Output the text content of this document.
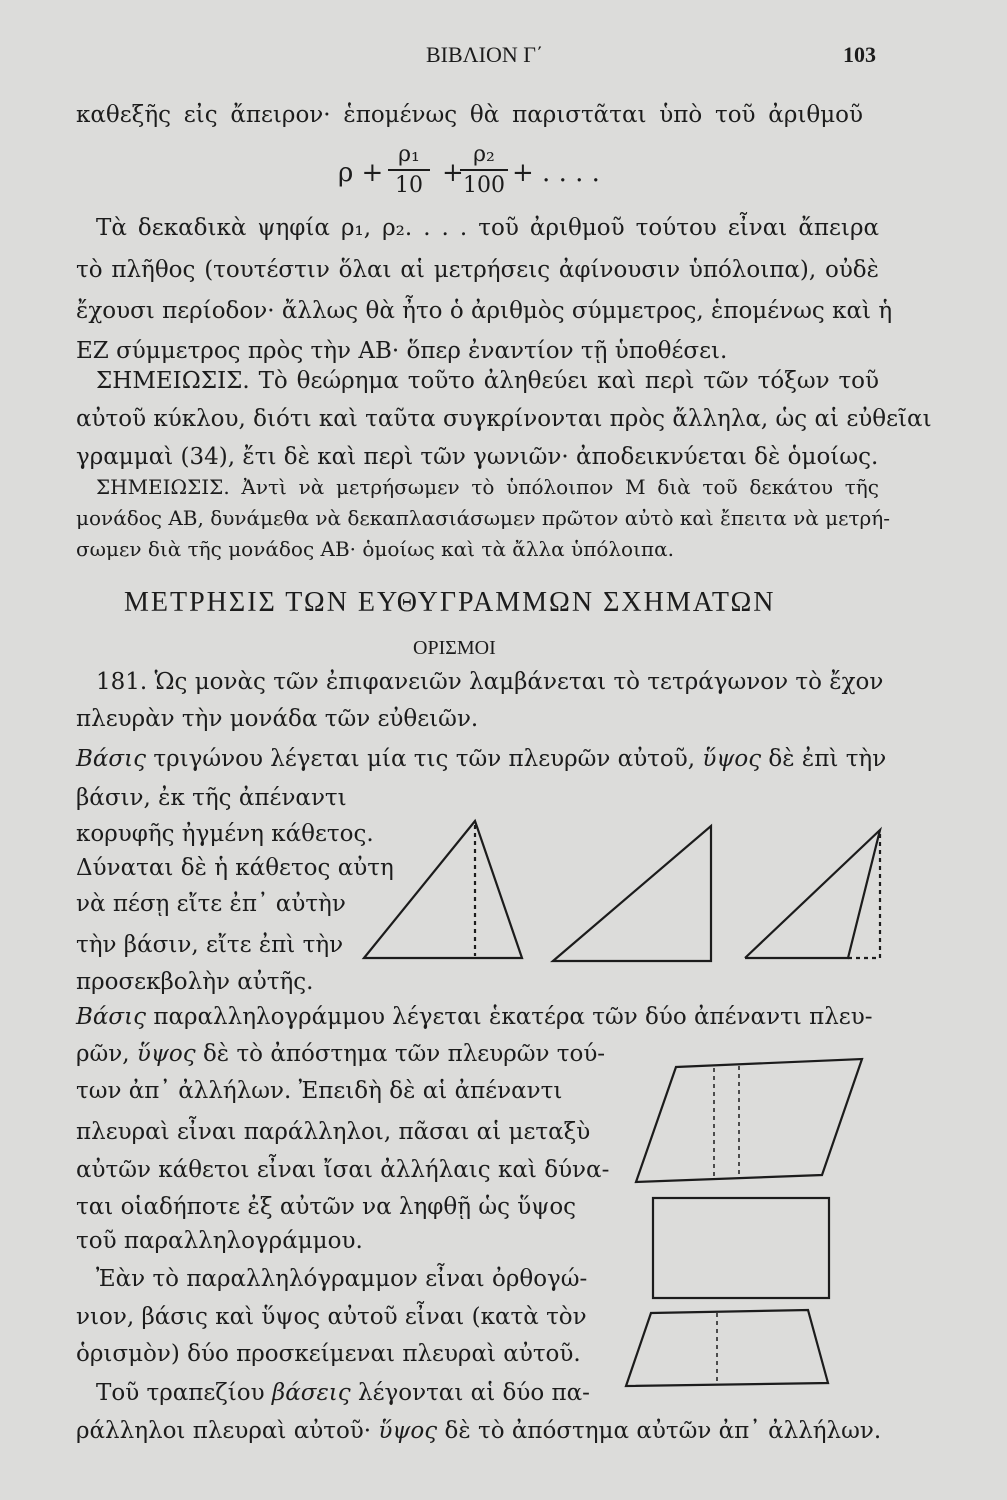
ΒΙΒΛΙΟΝ Γ΄	103
καθεξῆς εἰς ἄπειρον· ἑπομένως θὰ παριστᾶται ὑπὸ τοῦ ἀριθμοῦ
$\rho + \frac{\text{ρ₁}}{10}$ +
$\frac{\text{ρ₂}}{100}$ + . . . .
Τὰ δεκαδικὰ ψηφία ρ₁, ρ₂. . . . τοῦ ἀριθμοῦ τούτου εἶναι ἄπειρα
τὸ πλῆθος (τουτέστιν ὅλαι αἱ μετρήσεις ἀφίνουσιν ὑπόλοιπα), οὐδὲ
ἔχουσι περίοδον· ἄλλως θὰ ἦτο ὁ ἀριθμὸς σύμμετρος, ἑπομένως καὶ ἡ
ΕΖ σύμμετρος πρὸς τὴν ΑΒ· ὅπερ ἐναντίον τῇ ὑποθέσει.
ΣΗΜΕΙΩΣΙΣ. Τὸ θεώρημα τοῦτο ἀληθεύει καὶ περὶ τῶν τόξων τοῦ
αὐτοῦ κύκλου, διότι καὶ ταῦτα συγκρίνονται πρὸς ἄλληλα, ὡς αἱ εὐθεῖαι
γραμμαὶ (34), ἔτι δὲ καὶ περὶ τῶν γωνιῶν· ἀποδεικνύεται δὲ ὁμοίως.
ΣΗΜΕΙΩΣΙΣ. Ἀντὶ νὰ μετρήσωμεν τὸ ὑπόλοιπον Μ διὰ τοῦ δεκάτου τῆς
μονάδος ΑΒ, δυνάμεθα νὰ δεκαπλασιάσωμεν πρῶτον αὐτὸ καὶ ἔπειτα νὰ μετρή-
σωμεν διὰ τῆς μονάδος ΑΒ· ὁμοίως καὶ τὰ ἄλλα ὑπόλοιπα.
ΜΕΤΡΗΣΙΣ ΤΩΝ ΕΥΘΥΓΡΑΜΜΩΝ ΣΧΗΜΑΤΩΝ
ΟΡΙΣΜΟΙ
181. Ὡς μονὰς τῶν ἐπιφανειῶν λαμβάνεται τὸ τετράγωνον τὸ ἔχον
πλευρὰν τὴν μονάδα τῶν εὐθειῶν.
Βάσις τριγώνου λέγεται μία τις τῶν πλευρῶν αὐτοῦ, ὕψος δὲ ἐπὶ τὴν
βάσιν, ἐκ τῆς ἀπέναντι
κορυφῆς ἠγμένη κάθετος.
Δύναται δὲ ἡ κάθετος αὐτη
νὰ πέσῃ εἴτε ἐπ᾽ αὐτὴν
τὴν βάσιν, εἴτε ἐπὶ τὴν
προσεκβολὴν αὐτῆς.
Βάσις παραλληλογράμμου λέγεται ἑκατέρα τῶν δύο ἀπέναντι πλευ-
ρῶν, ὕψος δὲ τὸ ἀπόστημα τῶν πλευρῶν τού-
των ἀπ᾽ ἀλλήλων. Ἐπειδὴ δὲ αἱ ἀπέναντι
πλευραὶ εἶναι παράλληλοι, πᾶσαι αἱ μεταξὺ
αὐτῶν κάθετοι εἶναι ἴσαι ἀλλήλαις καὶ δύνα-
ται οἱαδήποτε ἐξ αὐτῶν να ληφθῇ ὡς ὕψος
τοῦ παραλληλογράμμου.
Ἐὰν τὸ παραλληλόγραμμον εἶναι ὀρθογώ-
νιον, βάσις καὶ ὕψος αὐτοῦ εἶναι (κατὰ τὸν
ὁρισμὸν) δύο προσκείμεναι πλευραὶ αὐτοῦ.
Τοῦ τραπεζίου βάσεις λέγονται αἱ δύο πα-
ράλληλοι πλευραὶ αὐτοῦ· ὕψος δὲ τὸ ἀπόστημα αὐτῶν ἀπ᾽ ἀλλήλων.
